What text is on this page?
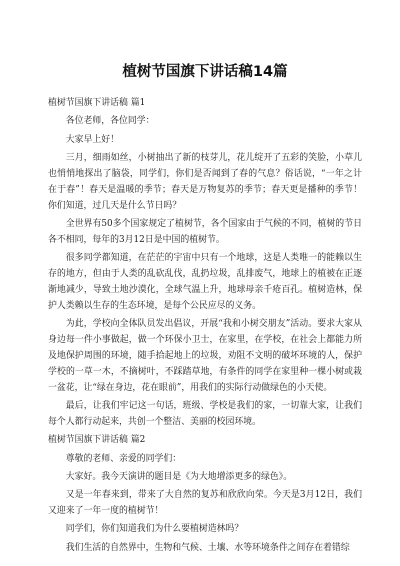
植树节国旗下讲话稿14篇
植树节国旗下讲话稿 篇1
各位老师，各位同学：
大家早上好！
三月，细雨如丝，小树抽出了新的枝芽儿，花儿绽开了五彩的笑脸，小草儿也悄悄地探出了脑袋，同学们，你们是否闻到了春的气息？俗话说，“一年之计在于春”！春天是温暖的季节；春天是万物复苏的季节；春天更是播种的季节！你们知道，过几天是什么节日吗？
全世界有50多个国家规定了植树节，各个国家由于气候的不同，植树的节日各不相同，每年的3月12日是中国的植树节。
很多同学都知道，在茫茫的宇宙中只有一个地球，这是人类唯一的能赖以生存的地方，但由于人类的乱砍乱伐，乱扔垃圾，乱排废气，地球上的植被在正逐渐地减少，导致土地沙漠化，全球气温上升，地球母亲千疮百孔。植树造林，保护人类赖以生存的生态环境，是每个公民应尽的义务。
为此，学校向全体队员发出倡议，开展“我和小树交朋友”活动。要求大家从身边每一件小事做起，做一个环保小卫士，在家里，在学校，在社会上都能力所及地保护周围的环境，随手拾起地上的垃圾，劝阻不文明的破坏环境的人，保护学校的一草一木，不摘树叶，不踩踏草地，有条件的同学在家里种一棵小树或栽一盆花，让“绿在身边，花在眼前”，用我们的实际行动做绿色的小天使。
最后，让我们牢记这一句话，班级、学校是我们的家，一切靠大家，让我们每个人都行动起来，共创一个整洁、美丽的校园环境。
植树节国旗下讲话稿 篇2
尊敬的老师、亲爱的同学们：
大家好。我今天演讲的题目是《为大地增添更多的绿色》。
又是一年春来到，带来了大自然的复苏和欣欣向荣。今天是3月12日，我们又迎来了一年一度的植树节！
同学们，你们知道我们为什么要植树造林吗？
我们生活的自然界中，生物和气候、土壤、水等环境条件之间存在着错综
